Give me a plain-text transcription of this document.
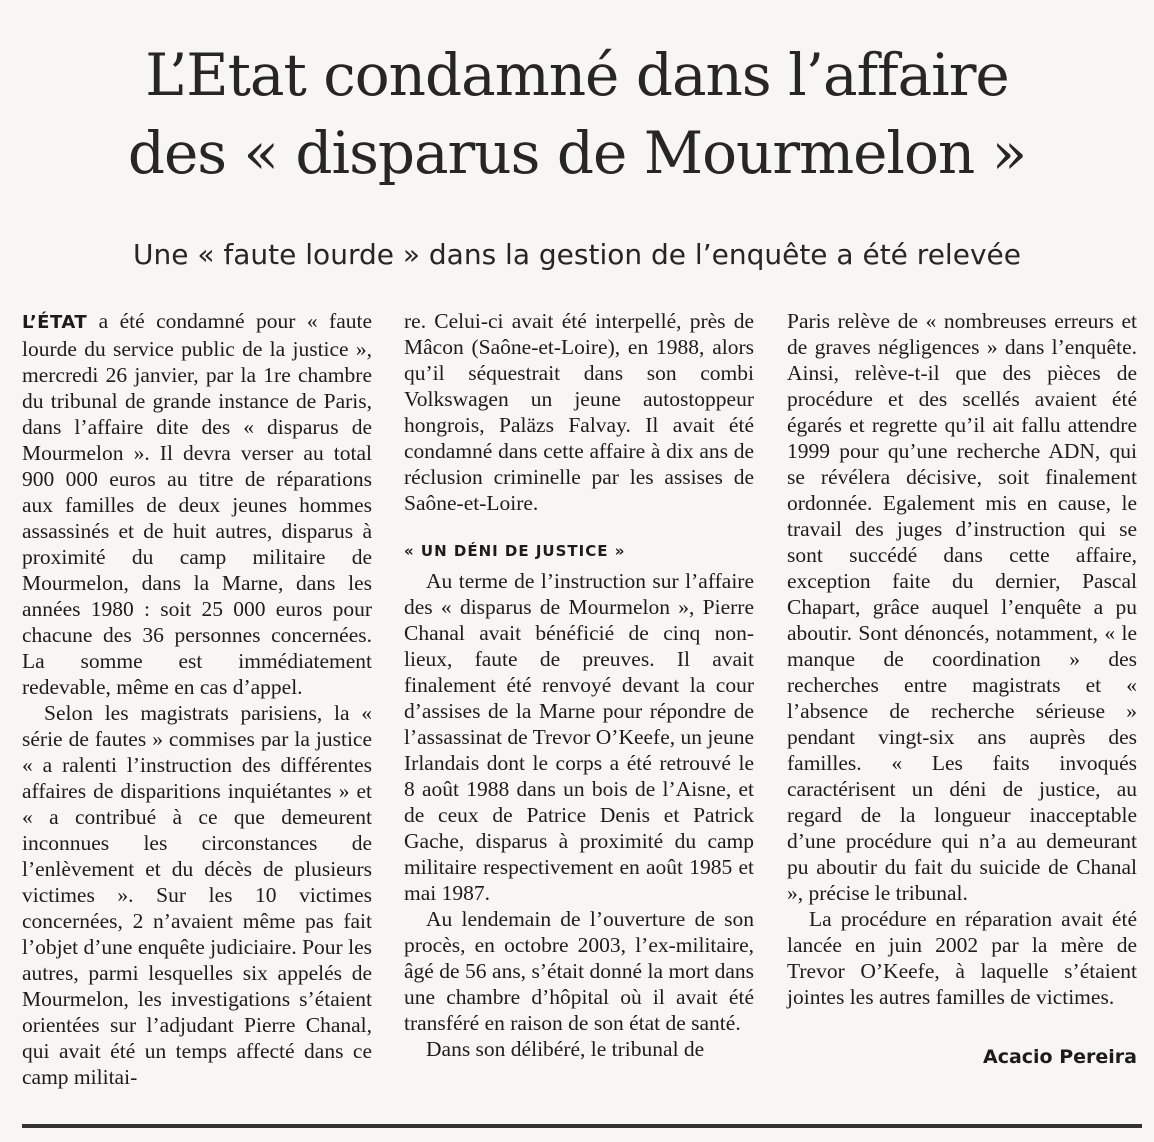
L’Etat condamné dans l’affaire
des « disparus de Mourmelon »
Une « faute lourde » dans la gestion de l’enquête a été relevée

L’ÉTAT a été condamné pour « faute lourde du service public de la justice », mercredi 26 janvier, par la 1re chambre du tribunal de grande instance de Paris, dans l’affaire dite des « disparus de Mourmelon ». Il devra verser au total 900 000 euros au titre de réparations aux familles de deux jeunes hommes assassinés et de huit autres, disparus à proximité du camp militaire de Mourmelon, dans la Marne, dans les années 1980 : soit 25 000 euros pour chacune des 36 personnes concernées. La somme est immédiatement redevable, même en cas d’appel.

Selon les magistrats parisiens, la « série de fautes » commises par la justice « a ralenti l’instruction des différentes affaires de disparitions inquiétantes » et « a contribué à ce que demeurent inconnues les circonstances de l’enlèvement et du décès de plusieurs victimes ». Sur les 10 victimes concernées, 2 n’avaient même pas fait l’objet d’une enquête judiciaire. Pour les autres, parmi lesquelles six appelés de Mourmelon, les investigations s’étaient orientées sur l’adjudant Pierre Chanal, qui avait été un temps affecté dans ce camp militai-

re. Celui-ci avait été interpellé, près de Mâcon (Saône-et-Loire), en 1988, alors qu’il séquestrait dans son combi Volkswagen un jeune autostoppeur hongrois, Paläzs Falvay. Il avait été condamné dans cette affaire à dix ans de réclusion criminelle par les assises de Saône-et-Loire.

« UN DÉNI DE JUSTICE »

Au terme de l’instruction sur l’affaire des « disparus de Mourmelon », Pierre Chanal avait bénéficié de cinq non-lieux, faute de preuves. Il avait finalement été renvoyé devant la cour d’assises de la Marne pour répondre de l’assassinat de Trevor O’Keefe, un jeune Irlandais dont le corps a été retrouvé le 8 août 1988 dans un bois de l’Aisne, et de ceux de Patrice Denis et Patrick Gache, disparus à proximité du camp militaire respectivement en août 1985 et mai 1987.

Au lendemain de l’ouverture de son procès, en octobre 2003, l’ex-militaire, âgé de 56 ans, s’était donné la mort dans une chambre d’hôpital où il avait été transféré en raison de son état de santé.

Dans son délibéré, le tribunal de

Paris relève de « nombreuses erreurs et de graves négligences » dans l’enquête. Ainsi, relève-t-il que des pièces de procédure et des scellés avaient été égarés et regrette qu’il ait fallu attendre 1999 pour qu’une recherche ADN, qui se révélera décisive, soit finalement ordonnée. Egalement mis en cause, le travail des juges d’instruction qui se sont succédé dans cette affaire, exception faite du dernier, Pascal Chapart, grâce auquel l’enquête a pu aboutir. Sont dénoncés, notamment, « le manque de coordination » des recherches entre magistrats et « l’absence de recherche sérieuse » pendant vingt-six ans auprès des familles. « Les faits invoqués caractérisent un déni de justice, au regard de la longueur inacceptable d’une procédure qui n’a au demeurant pu aboutir du fait du suicide de Chanal », précise le tribunal.

La procédure en réparation avait été lancée en juin 2002 par la mère de Trevor O’Keefe, à laquelle s’étaient jointes les autres familles de victimes.

Acacio Pereira
